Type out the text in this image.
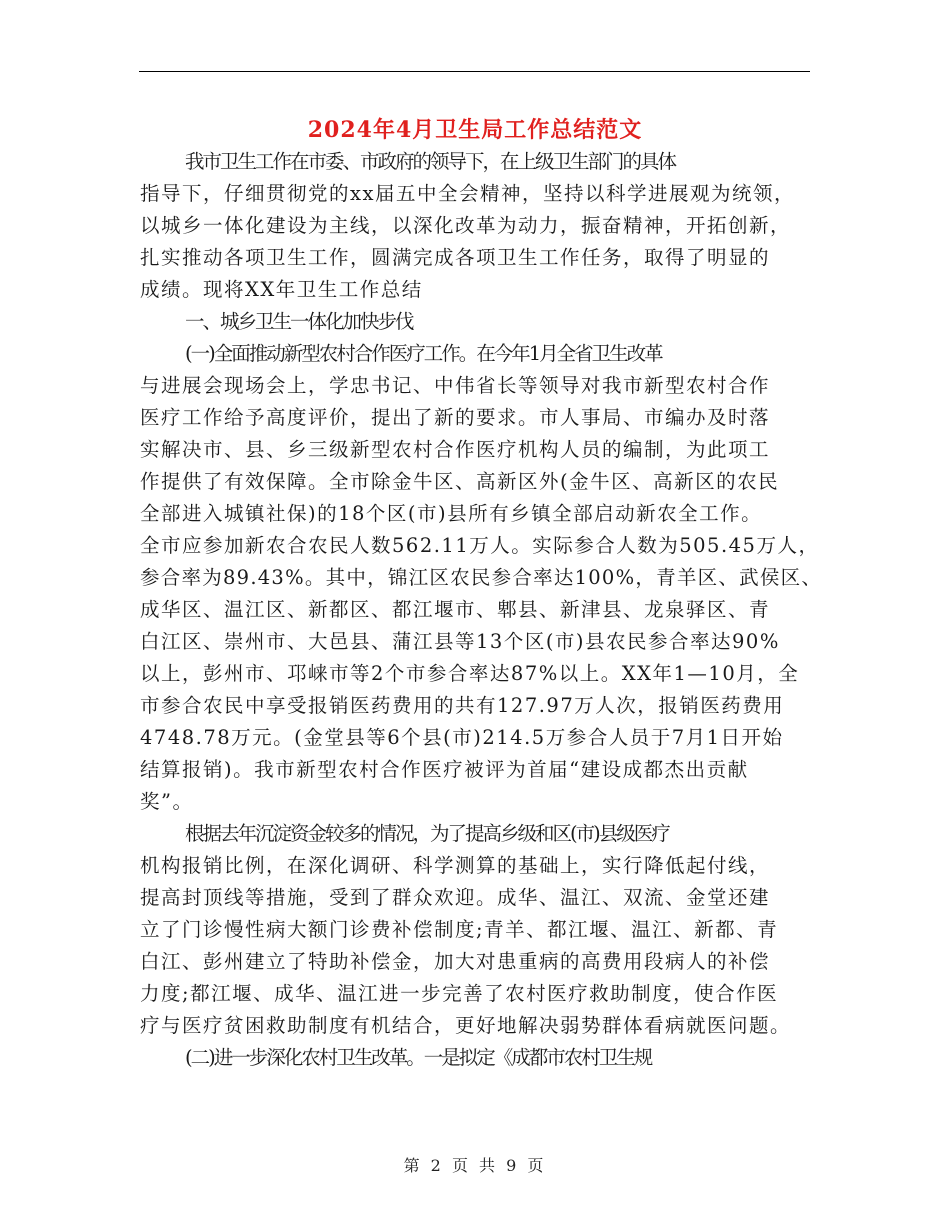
2024年4月卫生局工作总结范文
我市卫生工作在市委、市政府的领导下，在上级卫生部门的具体
指导下，仔细贯彻党的xx届五中全会精神，坚持以科学进展观为统领，
以城乡一体化建设为主线，以深化改革为动力，振奋精神，开拓创新，
扎实推动各项卫生工作，圆满完成各项卫生工作任务，取得了明显的
成绩。现将XX年卫生工作总结
一、城乡卫生一体化加快步伐
(一)全面推动新型农村合作医疗工作。在今年1月全省卫生改革
与进展会现场会上，学忠书记、中伟省长等领导对我市新型农村合作
医疗工作给予高度评价，提出了新的要求。市人事局、市编办及时落
实解决市、县、乡三级新型农村合作医疗机构人员的编制，为此项工
作提供了有效保障。全市除金牛区、高新区外(金牛区、高新区的农民
全部进入城镇社保)的18个区(市)县所有乡镇全部启动新农全工作。
全市应参加新农合农民人数562.11万人。实际参合人数为505.45万人，
参合率为89.43%。其中，锦江区农民参合率达100%，青羊区、武侯区、
成华区、温江区、新都区、都江堰市、郫县、新津县、龙泉驿区、青
白江区、崇州市、大邑县、蒲江县等13个区(市)县农民参合率达90%
以上，彭州市、邛崃市等2个市参合率达87%以上。XX年1—10月，全
市参合农民中享受报销医药费用的共有127.97万人次，报销医药费用
4748.78万元。(金堂县等6个县(市)214.5万参合人员于7月1日开始
结算报销)。我市新型农村合作医疗被评为首届“建设成都杰出贡献
奖”。
根据去年沉淀资金较多的情况，为了提高乡级和区(市)县级医疗
机构报销比例，在深化调研、科学测算的基础上，实行降低起付线，
提高封顶线等措施，受到了群众欢迎。成华、温江、双流、金堂还建
立了门诊慢性病大额门诊费补偿制度;青羊、都江堰、温江、新都、青
白江、彭州建立了特助补偿金，加大对患重病的高费用段病人的补偿
力度;都江堰、成华、温江进一步完善了农村医疗救助制度，使合作医
疗与医疗贫困救助制度有机结合，更好地解决弱势群体看病就医问题。
(二)进一步深化农村卫生改革。一是拟定《成都市农村卫生规
第 2 页 共 9 页
